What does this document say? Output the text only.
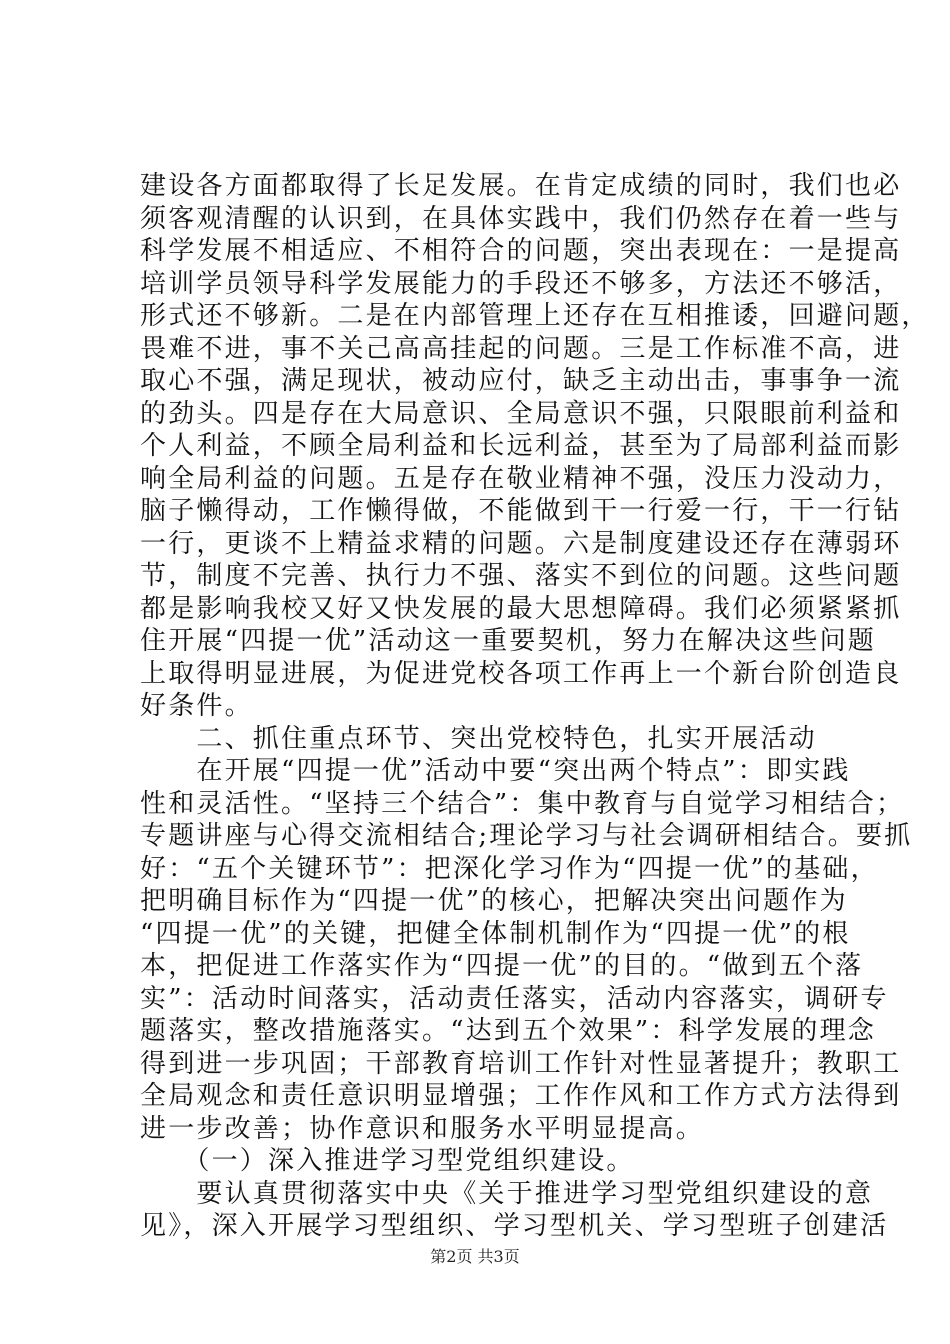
建设各方面都取得了长足发展。在肯定成绩的同时，我们也必
须客观清醒的认识到，在具体实践中，我们仍然存在着一些与
科学发展不相适应、不相符合的问题，突出表现在：一是提高
培训学员领导科学发展能力的手段还不够多，方法还不够活，
形式还不够新。二是在内部管理上还存在互相推诿，回避问题，
畏难不进，事不关己高高挂起的问题。三是工作标准不高，进
取心不强，满足现状，被动应付，缺乏主动出击，事事争一流
的劲头。四是存在大局意识、全局意识不强，只限眼前利益和
个人利益，不顾全局利益和长远利益，甚至为了局部利益而影
响全局利益的问题。五是存在敬业精神不强，没压力没动力，
脑子懒得动，工作懒得做，不能做到干一行爱一行，干一行钻
一行，更谈不上精益求精的问题。六是制度建设还存在薄弱环
节，制度不完善、执行力不强、落实不到位的问题。这些问题
都是影响我校又好又快发展的最大思想障碍。我们必须紧紧抓
住开展“四提一优”活动这一重要契机，努力在解决这些问题
上取得明显进展，为促进党校各项工作再上一个新台阶创造良
好条件。
　　二、抓住重点环节、突出党校特色，扎实开展活动
　　在开展“四提一优”活动中要“突出两个特点”：即实践
性和灵活性。“坚持三个结合”：集中教育与自觉学习相结合；
专题讲座与心得交流相结合;理论学习与社会调研相结合。要抓
好：“五个关键环节”：把深化学习作为“四提一优”的基础，
把明确目标作为“四提一优”的核心，把解决突出问题作为
“四提一优”的关键，把健全体制机制作为“四提一优”的根
本，把促进工作落实作为“四提一优”的目的。“做到五个落
实”：活动时间落实，活动责任落实，活动内容落实，调研专
题落实，整改措施落实。“达到五个效果”：科学发展的理念
得到进一步巩固；干部教育培训工作针对性显著提升；教职工
全局观念和责任意识明显增强；工作作风和工作方式方法得到
进一步改善；协作意识和服务水平明显提高。
　　（一）深入推进学习型党组织建设。
　　要认真贯彻落实中央《关于推进学习型党组织建设的意
见》，深入开展学习型组织、学习型机关、学习型班子创建活
第2页 共3页
